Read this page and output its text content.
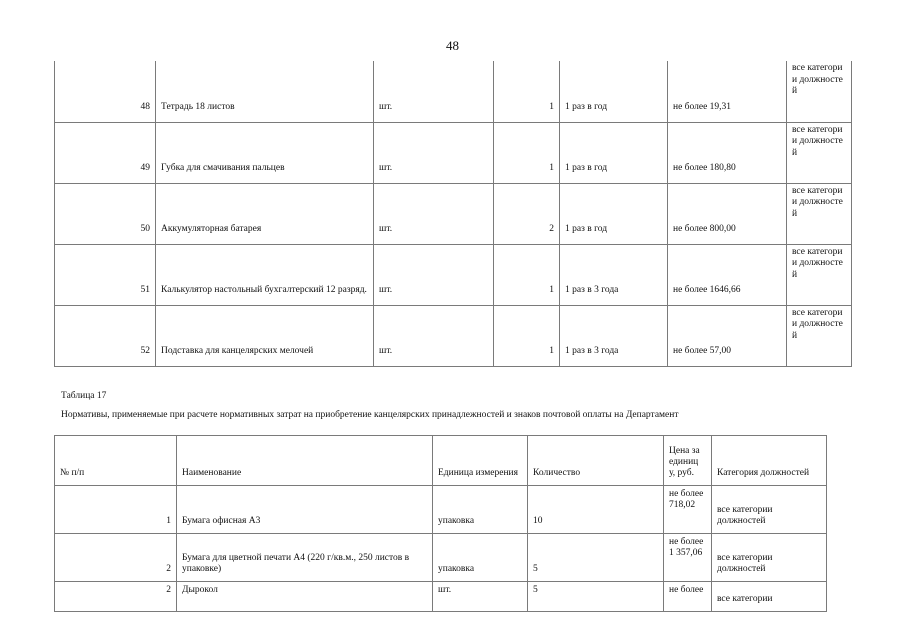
48
48	Тетрадь 18 листов	шт.	1	1 раз в год	не более 19,31	все категории должносте й
49	Губка для смачивания пальцев	шт.	1	1 раз в год	не более 180,80	все категории должносте й
50	Аккумуляторная батарея	шт.	2	1 раз в год	не более 800,00	все категории должносте й
51	Калькулятор настольный бухгалтерский 12 разряд.	шт.	1	1 раз в 3 года	не более 1646,66	все категории должносте й
52	Подставка для канцелярских мелочей	шт.	1	1 раз в 3 года	не более 57,00	все категории должносте й
Таблица 17
Нормативы, применяемые при расчете нормативных затрат на приобретение канцелярских принадлежностей и знаков почтовой оплаты на Департамент
№ п/п	Наименование	Единица измерения	Количество	Цена за единиц у, руб.	Категория должностей
1	Бумага офисная А3	упаковка	10	не более 718,02	все категории должностей
2	Бумага для цветной печати А4 (220 г/кв.м., 250 листов в упаковке)	упаковка	5	не более 1 357,06	все категории должностей
2	Дырокол	шт.	5	не более	все категории
